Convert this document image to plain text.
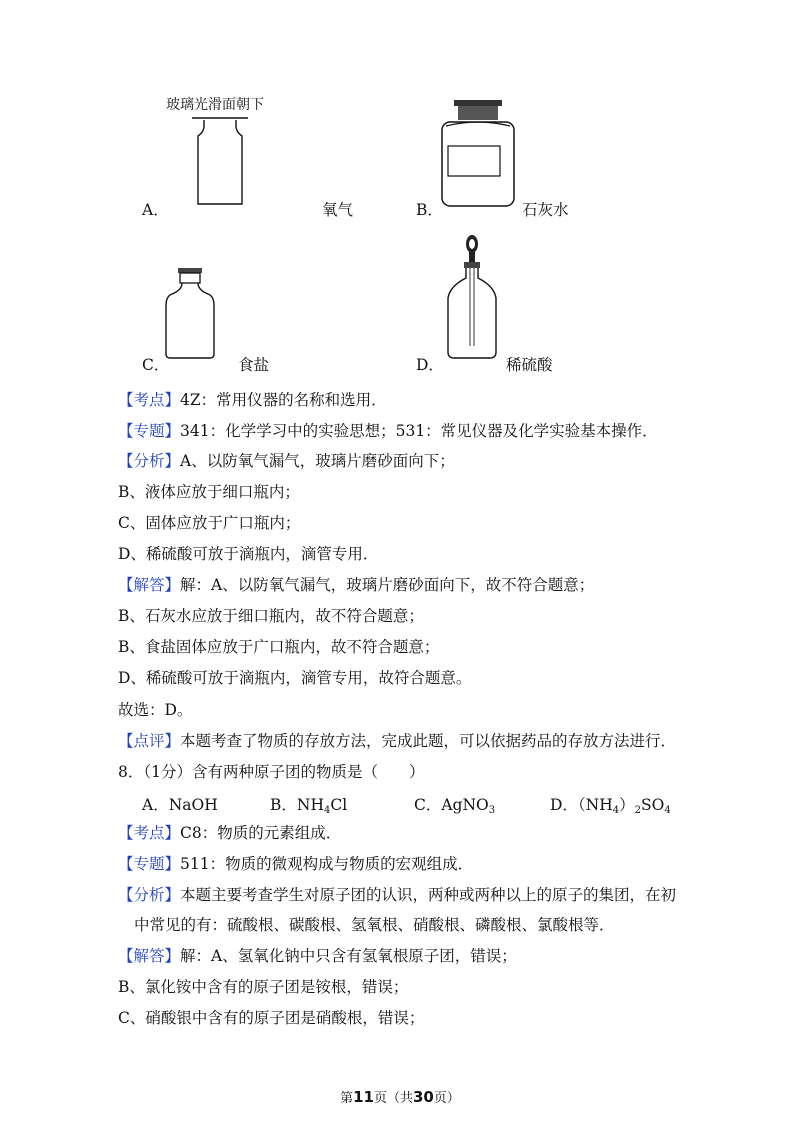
玻璃光滑面朝下
A．	氧气	B．	石灰水
C．	食盐	D．	稀硫酸
【考点】4Z：常用仪器的名称和选用．
【专题】341：化学学习中的实验思想；531：常见仪器及化学实验基本操作．
【分析】A、以防氧气漏气，玻璃片磨砂面向下；
B、液体应放于细口瓶内；
C、固体应放于广口瓶内；
D、稀硫酸可放于滴瓶内，滴管专用．
【解答】解：A、以防氧气漏气，玻璃片磨砂面向下，故不符合题意；
B、石灰水应放于细口瓶内，故不符合题意；
B、食盐固体应放于广口瓶内，故不符合题意；
D、稀硫酸可放于滴瓶内，滴管专用，故符合题意。
故选：D。
【点评】本题考查了物质的存放方法，完成此题，可以依据药品的存放方法进行．
8．（1分）含有两种原子团的物质是（　　）
A．NaOH	B．$NH_4Cl$	C．AgNO$_3$	D．$(NH_4)_2SO_4$
【考点】C8：物质的元素组成．
【专题】511：物质的微观构成与物质的宏观组成．
【分析】本题主要考查学生对原子团的认识，两种或两种以上的原子的集团，在初
中常见的有：硫酸根、碳酸根、氢氧根、硝酸根、磷酸根、氯酸根等．
【解答】解：A、氢氧化钠中只含有氢氧根原子团，错误；
B、氯化铵中含有的原子团是铵根，错误；
C、硝酸银中含有的原子团是硝酸根，错误；
第11页（共30页）
